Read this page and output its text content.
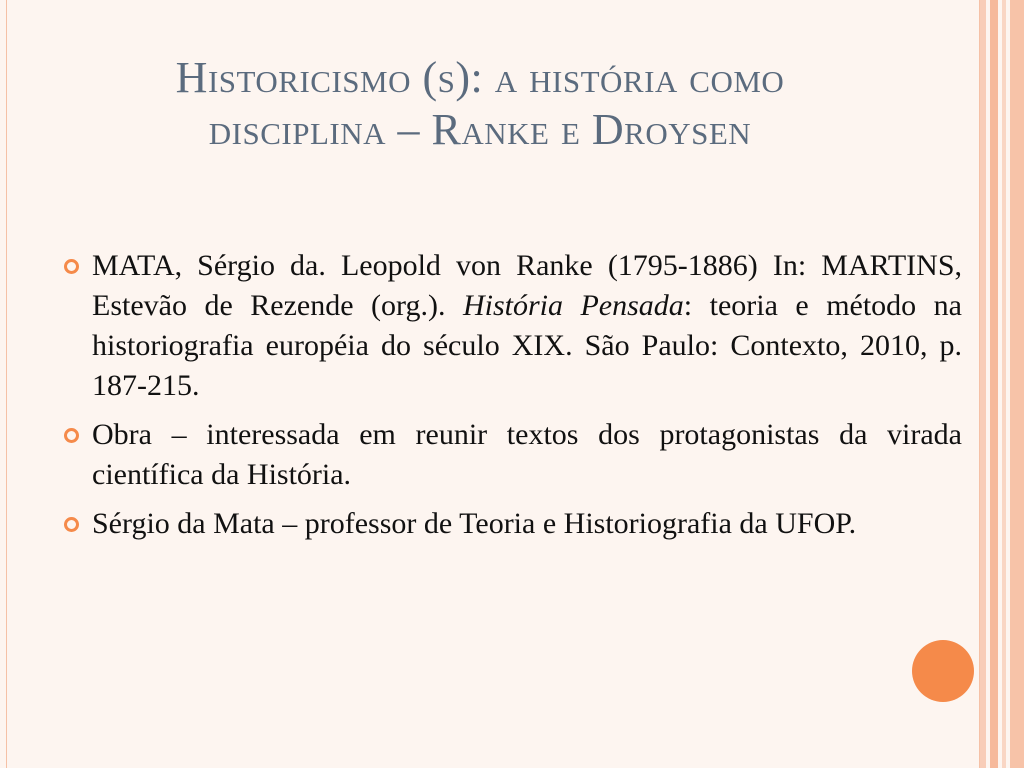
Historicismo (s): a história como
disciplina – Ranke e Droysen
MATA, Sérgio da. Leopold von Ranke (1795-1886) In: MARTINS, Estevão de Rezende (org.). História Pensada: teoria e método na historiografia européia do século XIX. São Paulo: Contexto, 2010, p. 187-215.
Obra – interessada em reunir textos dos protagonistas da virada científica da História.
Sérgio da Mata – professor de Teoria e Historiografia da UFOP.
